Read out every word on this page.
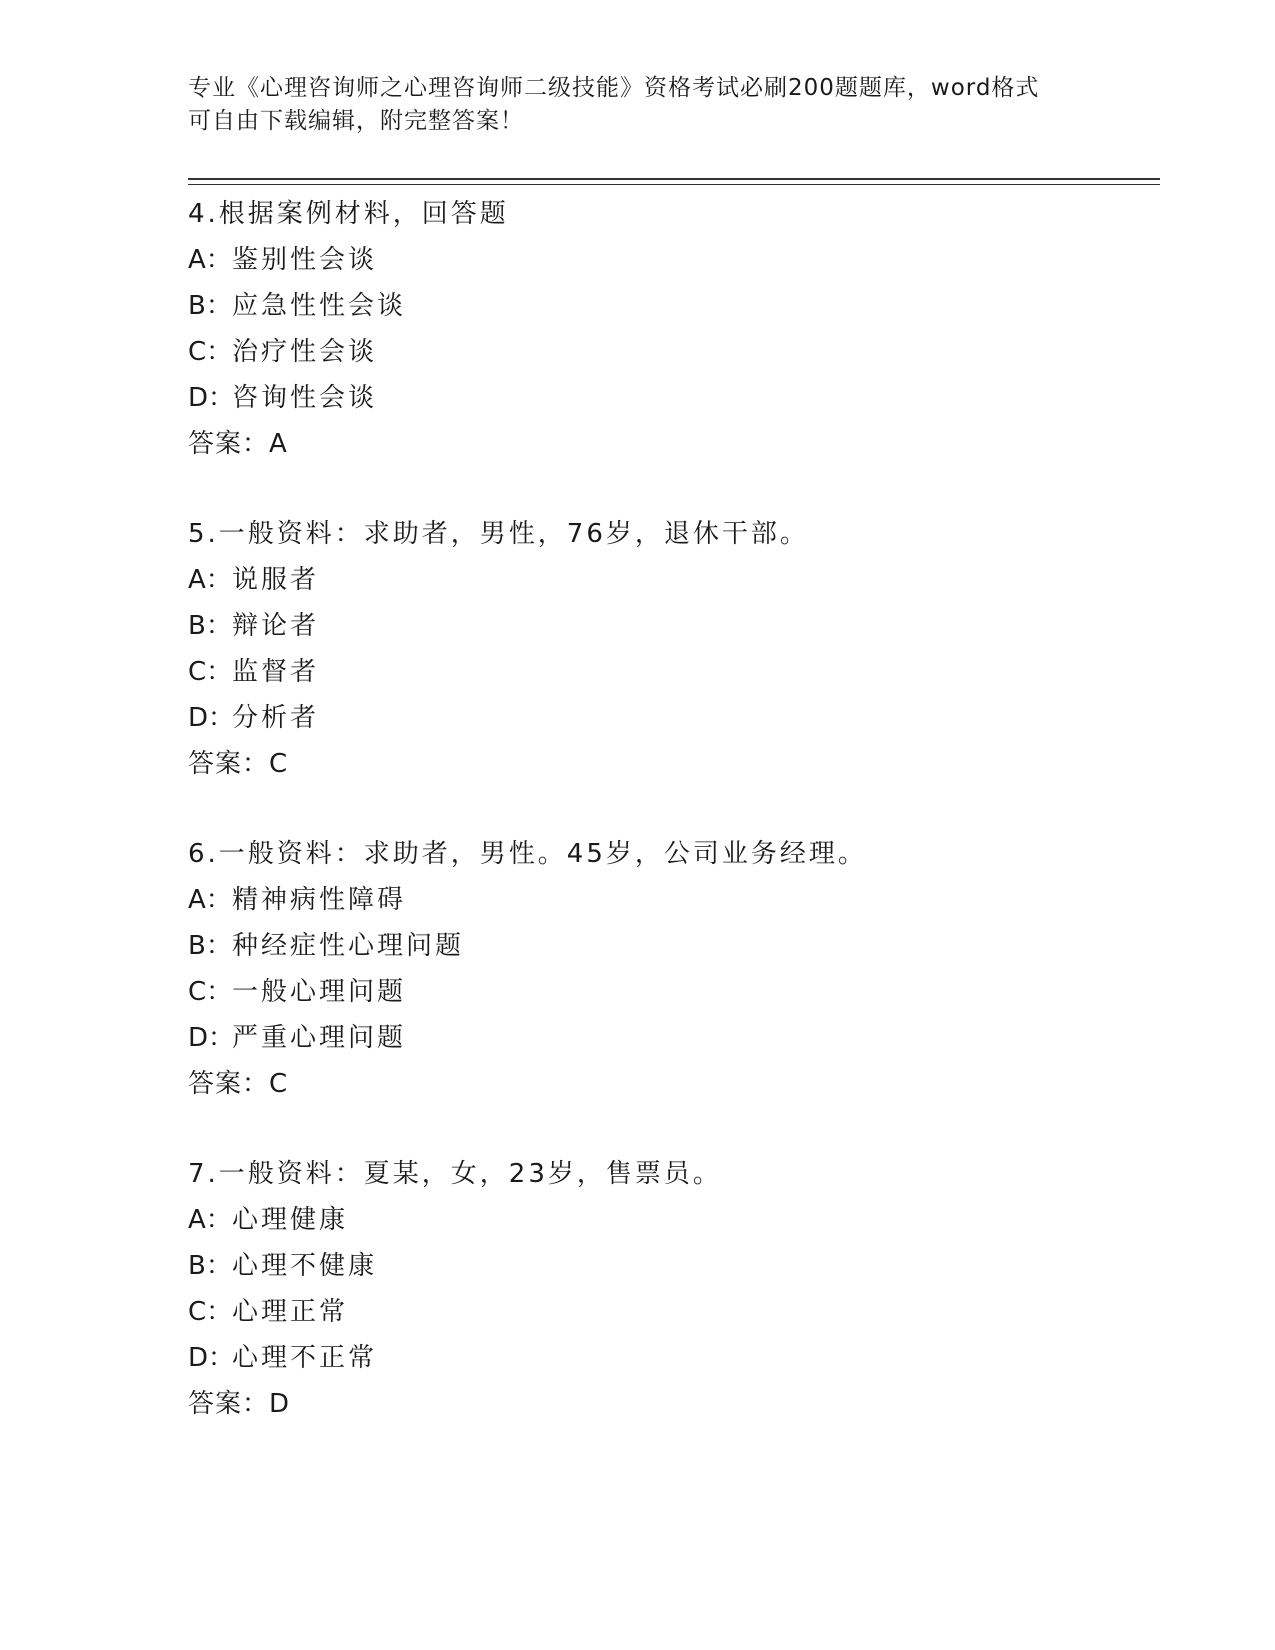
专业《心理咨询师之心理咨询师二级技能》资格考试必刷200题题库，word格式
可自由下载编辑，附完整答案！
4.根据案例材料，回答题
A：鉴别性会谈
B：应急性性会谈
C：治疗性会谈
D：咨询性会谈
答案：A
5.一般资料：求助者，男性，76岁，退休干部。
A：说服者
B：辩论者
C：监督者
D：分析者
答案：C
6.一般资料：求助者，男性。45岁，公司业务经理。
A：精神病性障碍
B：种经症性心理问题
C：一般心理问题
D：严重心理问题
答案：C
7.一般资料：夏某，女，23岁，售票员。
A：心理健康
B：心理不健康
C：心理正常
D：心理不正常
答案：D
